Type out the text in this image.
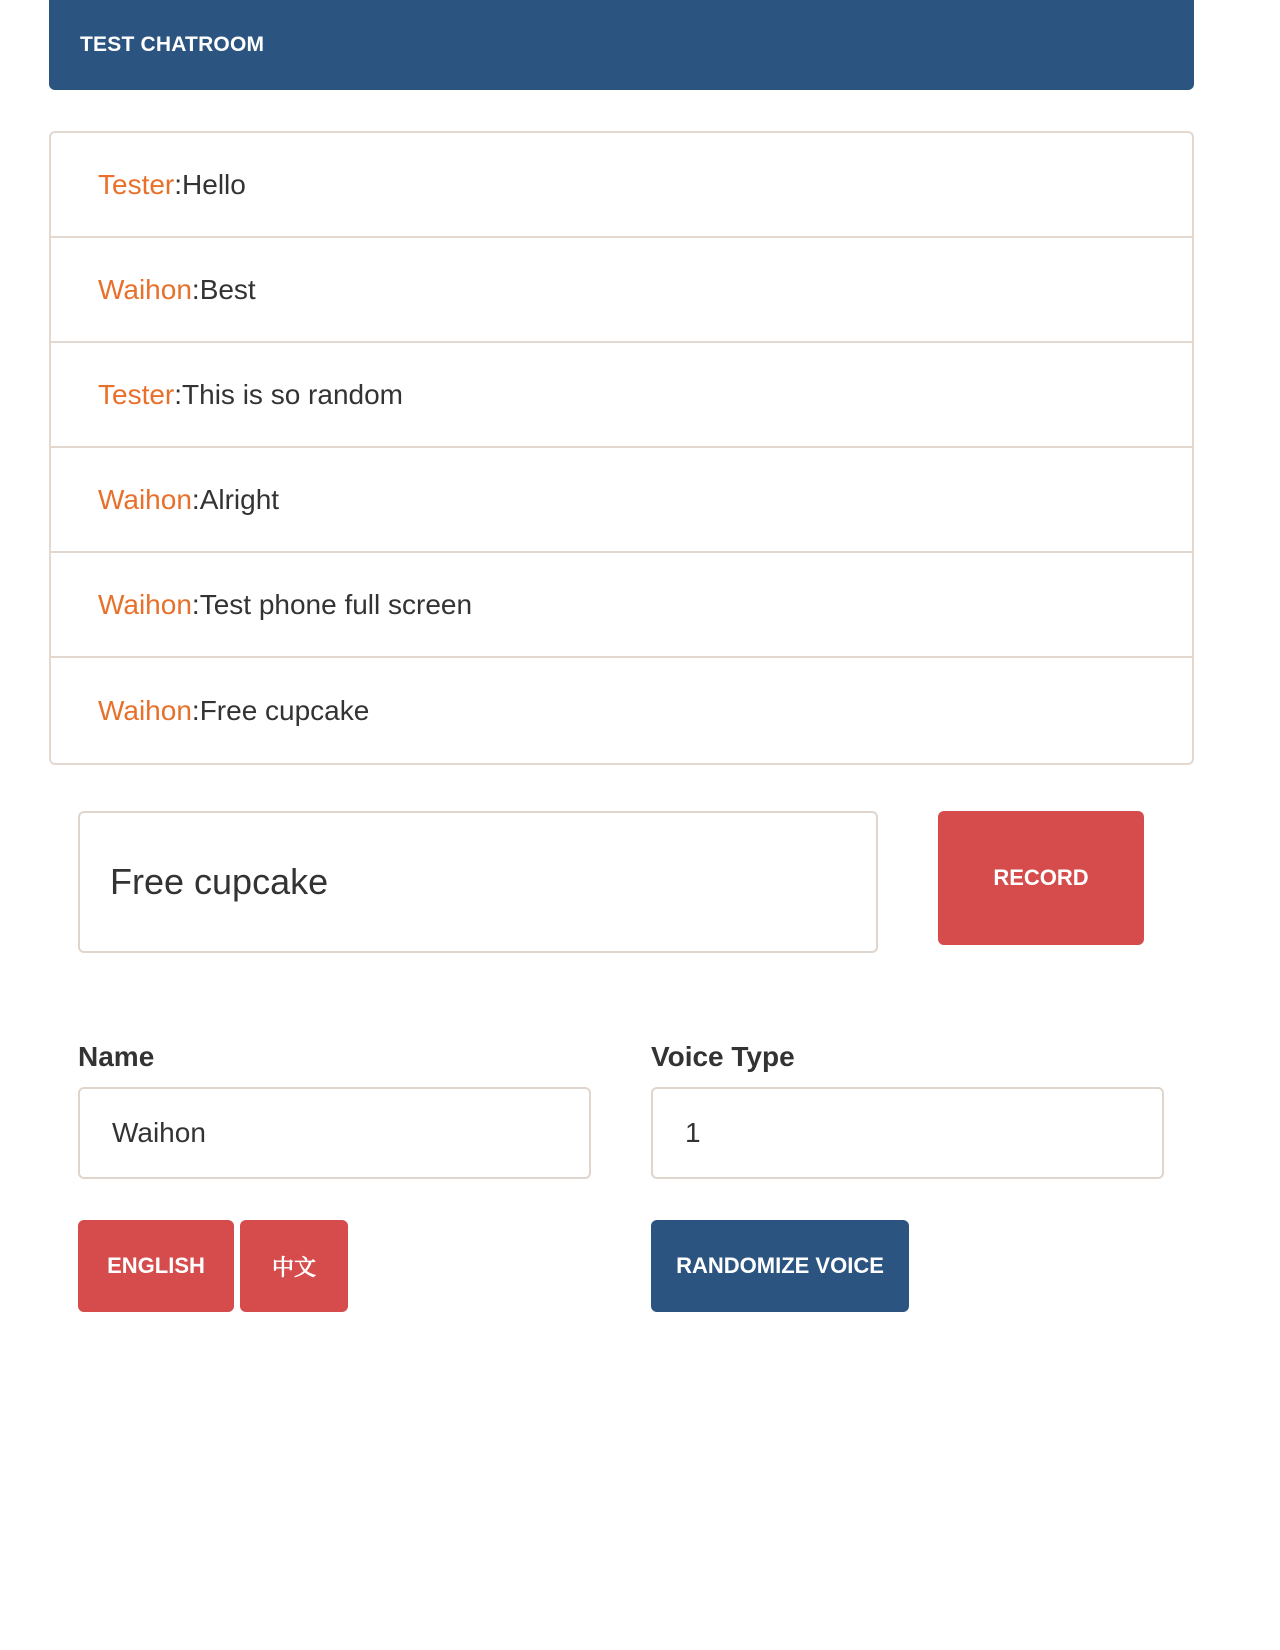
TEST CHATROOM
Tester : Hello
Waihon : Best
Tester : This is so random
Waihon : Alright
Waihon : Test phone full screen
Waihon : Free cupcake
Free cupcake
RECORD
Name
Waihon	Voice Type
1
ENGLISH	中文	RANDOMIZE VOICE
